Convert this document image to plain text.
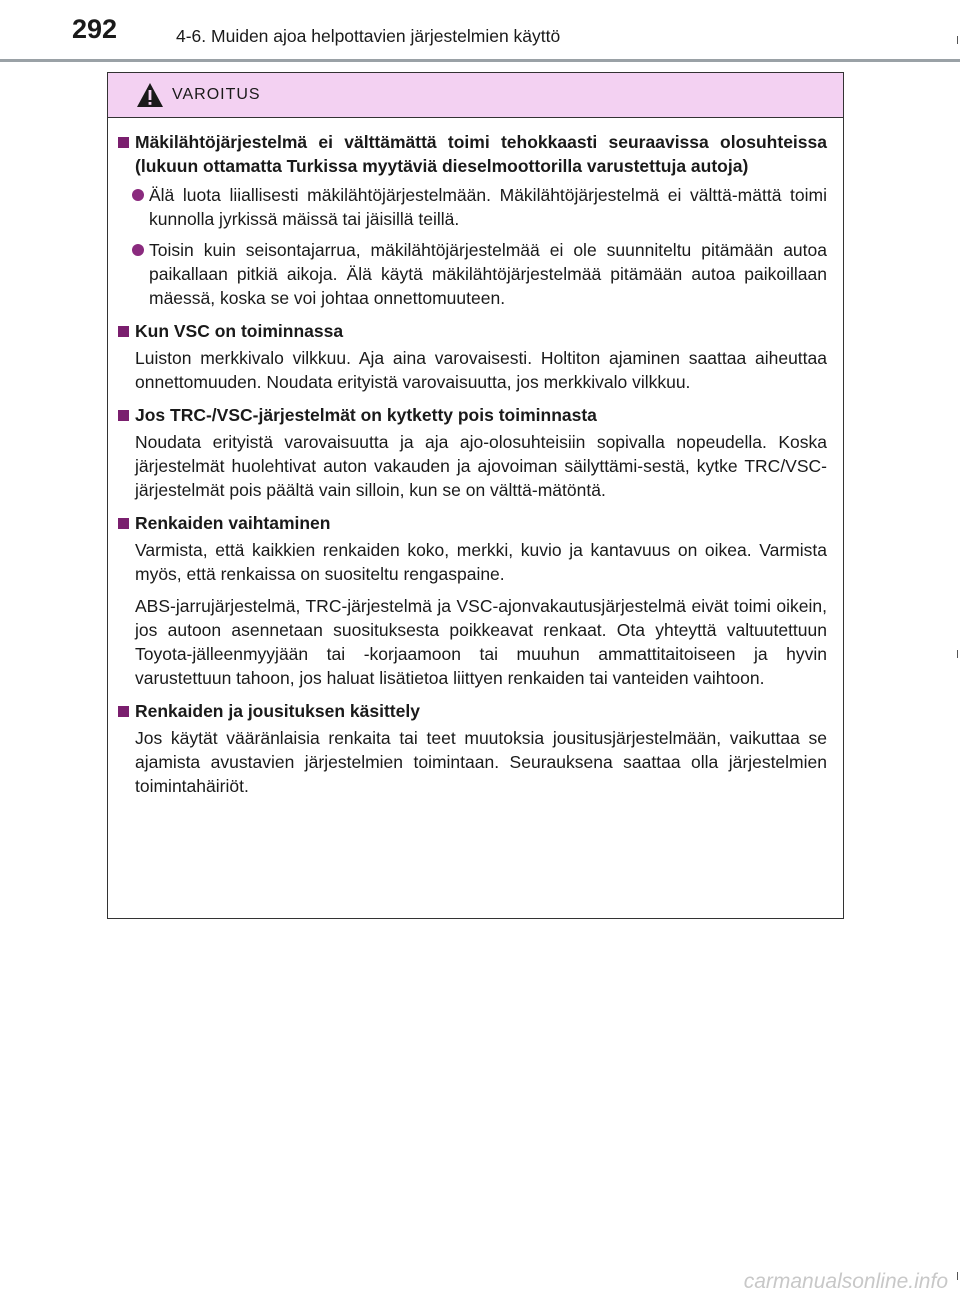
292	4-6. Muiden ajoa helpottavien järjestelmien käyttö
VAROITUS
Mäkilähtöjärjestelmä ei välttämättä toimi tehokkaasti seuraavissa olosuhteissa (lukuun ottamatta Turkissa myytäviä dieselmoottorilla varustettuja autoja)
Älä luota liiallisesti mäkilähtöjärjestelmään. Mäkilähtöjärjestelmä ei välttä-mättä toimi kunnolla jyrkissä mäissä tai jäisillä teillä.
Toisin kuin seisontajarrua, mäkilähtöjärjestelmää ei ole suunniteltu pitämään autoa paikallaan pitkiä aikoja. Älä käytä mäkilähtöjärjestelmää pitämään autoa paikoillaan mäessä, koska se voi johtaa onnettomuuteen.
Kun VSC on toiminnassa
Luiston merkkivalo vilkkuu. Aja aina varovaisesti. Holtiton ajaminen saattaa aiheuttaa onnettomuuden. Noudata erityistä varovaisuutta, jos merkkivalo vilkkuu.
Jos TRC-/VSC-järjestelmät on kytketty pois toiminnasta
Noudata erityistä varovaisuutta ja aja ajo-olosuhteisiin sopivalla nopeudella. Koska järjestelmät huolehtivat auton vakauden ja ajovoiman säilyttämi-sestä, kytke TRC/VSC-järjestelmät pois päältä vain silloin, kun se on välttä-mätöntä.
Renkaiden vaihtaminen
Varmista, että kaikkien renkaiden koko, merkki, kuvio ja kantavuus on oikea. Varmista myös, että renkaissa on suositeltu rengaspaine.
ABS-jarrujärjestelmä, TRC-järjestelmä ja VSC-ajonvakautusjärjestelmä eivät toimi oikein, jos autoon asennetaan suosituksesta poikkeavat renkaat. Ota yhteyttä valtuutettuun Toyota-jälleenmyyjään tai -korjaamoon tai muuhun ammattitaitoiseen ja hyvin varustettuun tahoon, jos haluat lisätietoa liittyen renkaiden tai vanteiden vaihtoon.
Renkaiden ja jousituksen käsittely
Jos käytät vääränlaisia renkaita tai teet muutoksia jousitusjärjestelmään, vaikuttaa se ajamista avustavien järjestelmien toimintaan. Seurauksena saattaa olla järjestelmien toimintahäiriöt.
carmanualsonline.info
